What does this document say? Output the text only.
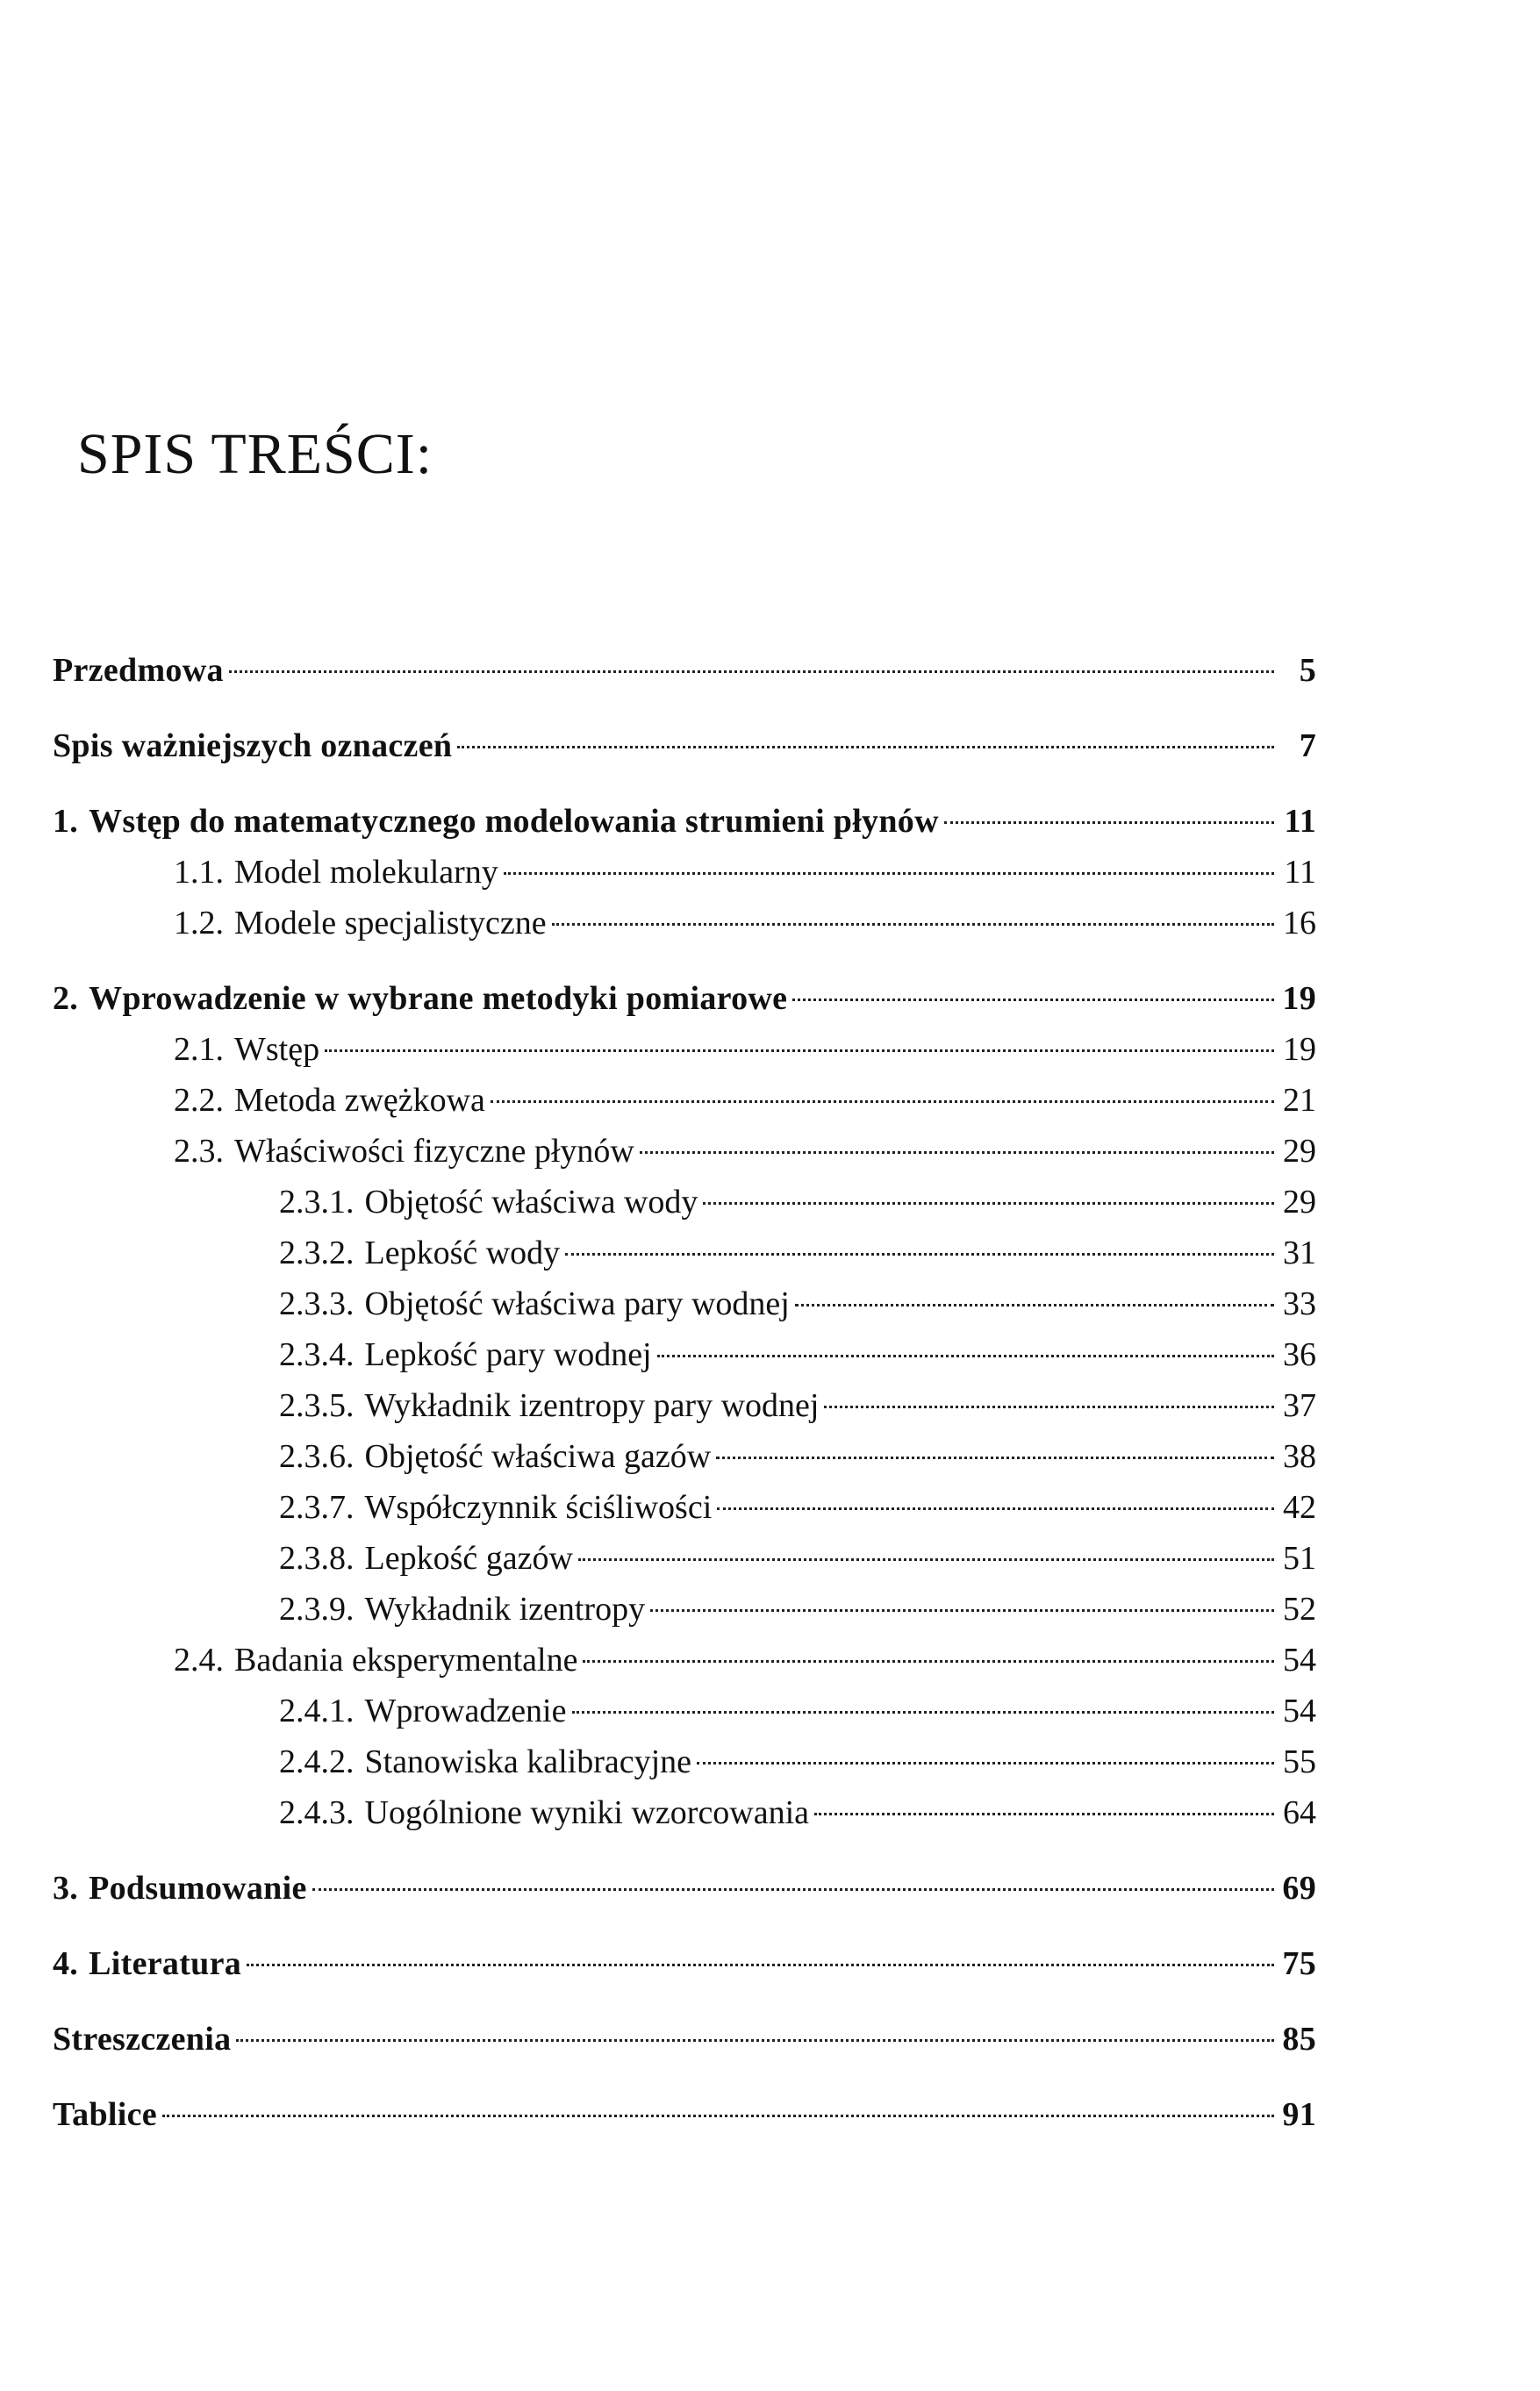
SPIS TREŚCI:
Przedmowa	5
Spis ważniejszych oznaczeń	7
1. Wstęp do matematycznego modelowania strumieni płynów	11
1.1. Model molekularny	11
1.2. Modele specjalistyczne	16
2. Wprowadzenie w wybrane metodyki pomiarowe	19
2.1. Wstęp	19
2.2. Metoda zwężkowa	21
2.3. Właściwości fizyczne płynów	29
2.3.1. Objętość właściwa wody	29
2.3.2. Lepkość wody	31
2.3.3. Objętość właściwa pary wodnej	33
2.3.4. Lepkość pary wodnej	36
2.3.5. Wykładnik izentropy pary wodnej	37
2.3.6. Objętość właściwa gazów	38
2.3.7. Współczynnik ściśliwości	42
2.3.8. Lepkość gazów	51
2.3.9. Wykładnik izentropy	52
2.4. Badania eksperymentalne	54
2.4.1. Wprowadzenie	54
2.4.2. Stanowiska kalibracyjne	55
2.4.3. Uogólnione wyniki wzorcowania	64
3. Podsumowanie	69
4. Literatura	75
Streszczenia	85
Tablice	91
